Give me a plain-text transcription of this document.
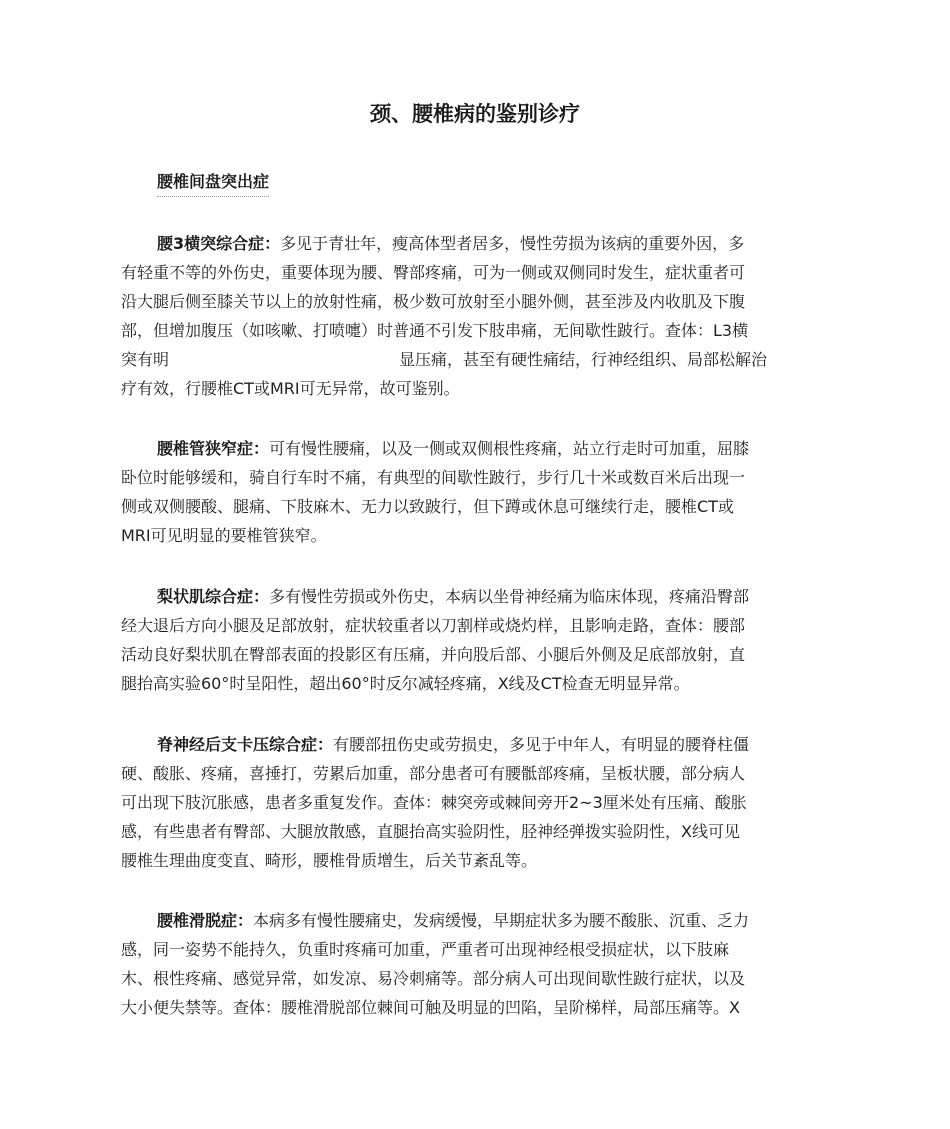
颈、腰椎病的鉴别诊疗
腰椎间盘突出症
腰3横突综合症：多见于青壮年，瘦高体型者居多，慢性劳损为该病的重要外因，多
有轻重不等的外伤史，重要体现为腰、臀部疼痛，可为一侧或双侧同时发生，症状重者可
沿大腿后侧至膝关节以上的放射性痛，极少数可放射至小腿外侧，甚至涉及内收肌及下腹
部，但增加腹压（如咳嗽、打喷嚏）时普通不引发下肢串痛，无间歇性跛行。查体：L3横
突有明	显压痛，甚至有硬性痛结，行神经组织、局部松解治
疗有效，行腰椎CT或MRI可无异常，故可鉴别。
腰椎管狭窄症：可有慢性腰痛，以及一侧或双侧根性疼痛，站立行走时可加重，屈膝
卧位时能够缓和，骑自行车时不痛，有典型的间歇性跛行，步行几十米或数百米后出现一
侧或双侧腰酸、腿痛、下肢麻木、无力以致跛行，但下蹲或休息可继续行走，腰椎CT或
MRI可见明显的要椎管狭窄。
梨状肌综合症：多有慢性劳损或外伤史，本病以坐骨神经痛为临床体现，疼痛沿臀部
经大退后方向小腿及足部放射，症状较重者以刀割样或烧灼样，且影响走路，查体：腰部
活动良好梨状肌在臀部表面的投影区有压痛，并向股后部、小腿后外侧及足底部放射，直
腿抬高实验60°时呈阳性，超出60°时反尔减轻疼痛，X线及CT检查无明显异常。
脊神经后支卡压综合症：有腰部扭伤史或劳损史，多见于中年人，有明显的腰脊柱僵
硬、酸胀、疼痛，喜捶打，劳累后加重，部分患者可有腰骶部疼痛，呈板状腰，部分病人
可出现下肢沉胀感，患者多重复发作。查体：棘突旁或棘间旁开2~3厘米处有压痛、酸胀
感，有些患者有臀部、大腿放散感，直腿抬高实验阴性，胫神经弹拨实验阴性，X线可见
腰椎生理曲度变直、畸形，腰椎骨质增生，后关节紊乱等。
腰椎滑脱症：本病多有慢性腰痛史，发病缓慢，早期症状多为腰不酸胀、沉重、乏力
感，同一姿势不能持久，负重时疼痛可加重，严重者可出现神经根受损症状，以下肢麻
木、根性疼痛、感觉异常，如发凉、易冷刺痛等。部分病人可出现间歇性跛行症状，以及
大小便失禁等。查体：腰椎滑脱部位棘间可触及明显的凹陷，呈阶梯样，局部压痛等。X
